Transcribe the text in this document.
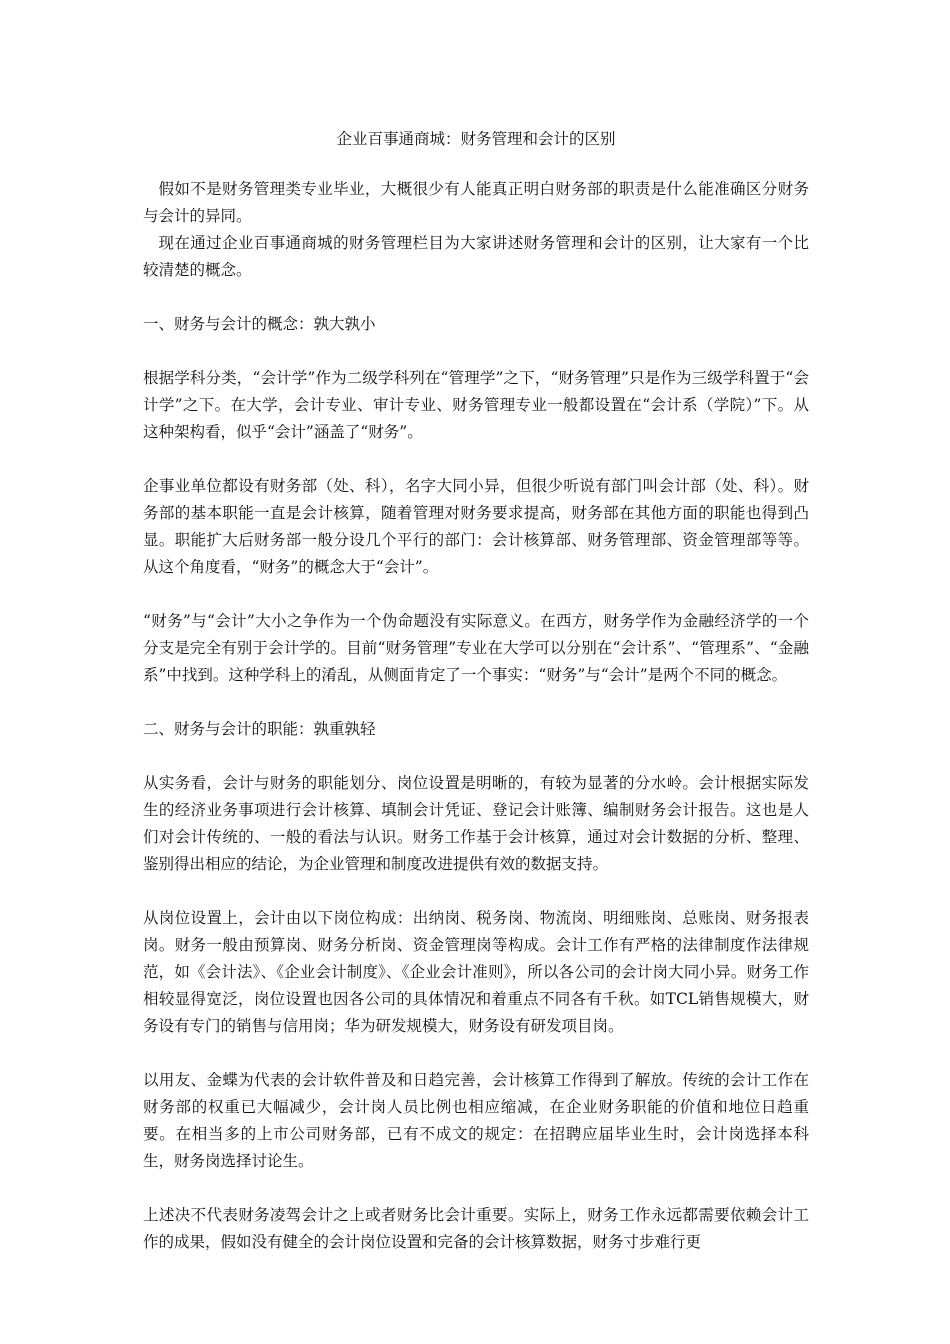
企业百事通商城：财务管理和会计的区别

假如不是财务管理类专业毕业，大概很少有人能真正明白财务部的职责是什么能准确区分财务与会计的异同。

现在通过企业百事通商城的财务管理栏目为大家讲述财务管理和会计的区别，让大家有一个比较清楚的概念。

一、财务与会计的概念：孰大孰小

根据学科分类，“会计学”作为二级学科列在“管理学”之下，“财务管理”只是作为三级学科置于“会计学”之下。在大学，会计专业、审计专业、财务管理专业一般都设置在“会计系（学院）”下。从这种架构看，似乎“会计”涵盖了“财务”。

企事业单位都设有财务部（处、科），名字大同小异，但很少听说有部门叫会计部（处、科）。财务部的基本职能一直是会计核算，随着管理对财务要求提高，财务部在其他方面的职能也得到凸显。职能扩大后财务部一般分设几个平行的部门：会计核算部、财务管理部、资金管理部等等。从这个角度看，“财务”的概念大于“会计”。

“财务”与“会计”大小之争作为一个伪命题没有实际意义。在西方，财务学作为金融经济学的一个分支是完全有别于会计学的。目前“财务管理”专业在大学可以分别在“会计系”、“管理系”、“金融系”中找到。这种学科上的淆乱，从侧面肯定了一个事实：“财务”与“会计”是两个不同的概念。

二、财务与会计的职能：孰重孰轻

从实务看，会计与财务的职能划分、岗位设置是明晰的，有较为显著的分水岭。会计根据实际发生的经济业务事项进行会计核算、填制会计凭证、登记会计账簿、编制财务会计报告。这也是人们对会计传统的、一般的看法与认识。财务工作基于会计核算，通过对会计数据的分析、整理、鉴别得出相应的结论，为企业管理和制度改进提供有效的数据支持。

从岗位设置上，会计由以下岗位构成：出纳岗、税务岗、物流岗、明细账岗、总账岗、财务报表岗。财务一般由预算岗、财务分析岗、资金管理岗等构成。会计工作有严格的法律制度作法律规范，如《会计法》、《企业会计制度》、《企业会计准则》，所以各公司的会计岗大同小异。财务工作相较显得宽泛，岗位设置也因各公司的具体情况和着重点不同各有千秋。如TCL销售规模大，财务设有专门的销售与信用岗；华为研发规模大，财务设有研发项目岗。

以用友、金蝶为代表的会计软件普及和日趋完善，会计核算工作得到了解放。传统的会计工作在财务部的权重已大幅减少，会计岗人员比例也相应缩减，在企业财务职能的价值和地位日趋重要。在相当多的上市公司财务部，已有不成文的规定：在招聘应届毕业生时，会计岗选择本科生，财务岗选择讨论生。

上述决不代表财务凌驾会计之上或者财务比会计重要。实际上，财务工作永远都需要依赖会计工作的成果，假如没有健全的会计岗位设置和完备的会计核算数据，财务寸步难行更
